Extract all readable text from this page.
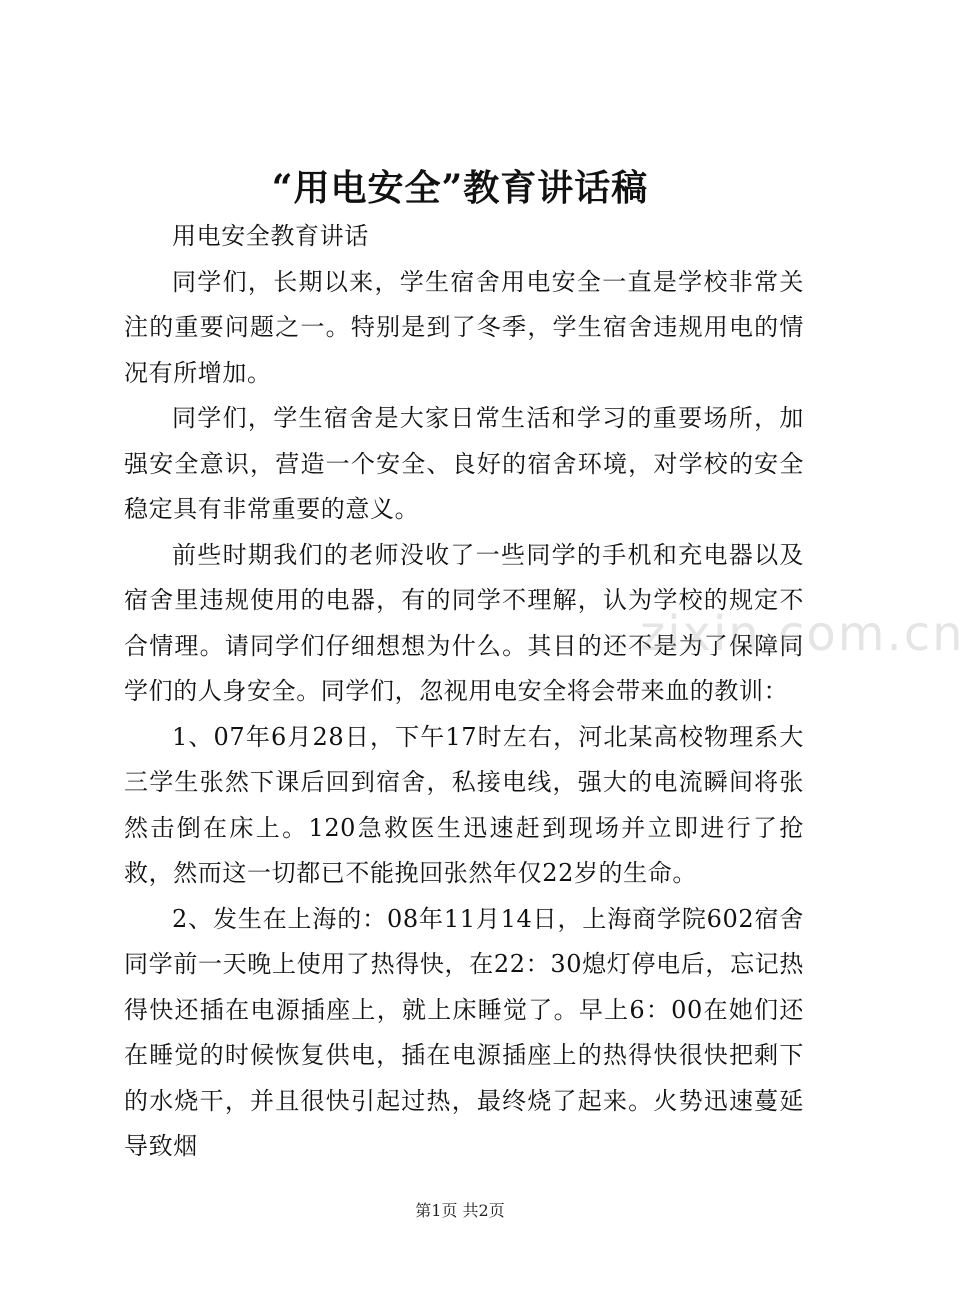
“用电安全”教育讲话稿

用电安全教育讲话

同学们，长期以来，学生宿舍用电安全一直是学校非常关注的重要问题之一。特别是到了冬季，学生宿舍违规用电的情况有所增加。

同学们，学生宿舍是大家日常生活和学习的重要场所，加强安全意识，营造一个安全、良好的宿舍环境，对学校的安全稳定具有非常重要的意义。

前些时期我们的老师没收了一些同学的手机和充电器以及宿舍里违规使用的电器，有的同学不理解，认为学校的规定不合情理。请同学们仔细想想为什么。其目的还不是为了保障同学们的人身安全。同学们，忽视用电安全将会带来血的教训：

1、07年6月28日，下午17时左右，河北某高校物理系大三学生张然下课后回到宿舍，私接电线，强大的电流瞬间将张然击倒在床上。120急救医生迅速赶到现场并立即进行了抢救，然而这一切都已不能挽回张然年仅22岁的生命。

2、发生在上海的：08年11月14日，上海商学院602宿舍同学前一天晚上使用了热得快，在22：30熄灯停电后，忘记热得快还插在电源插座上，就上床睡觉了。早上6：00在她们还在睡觉的时候恢复供电，插在电源插座上的热得快很快把剩下的水烧干，并且很快引起过热，最终烧了起来。火势迅速蔓延导致烟

zixin.com.cn
第1页 共2页
